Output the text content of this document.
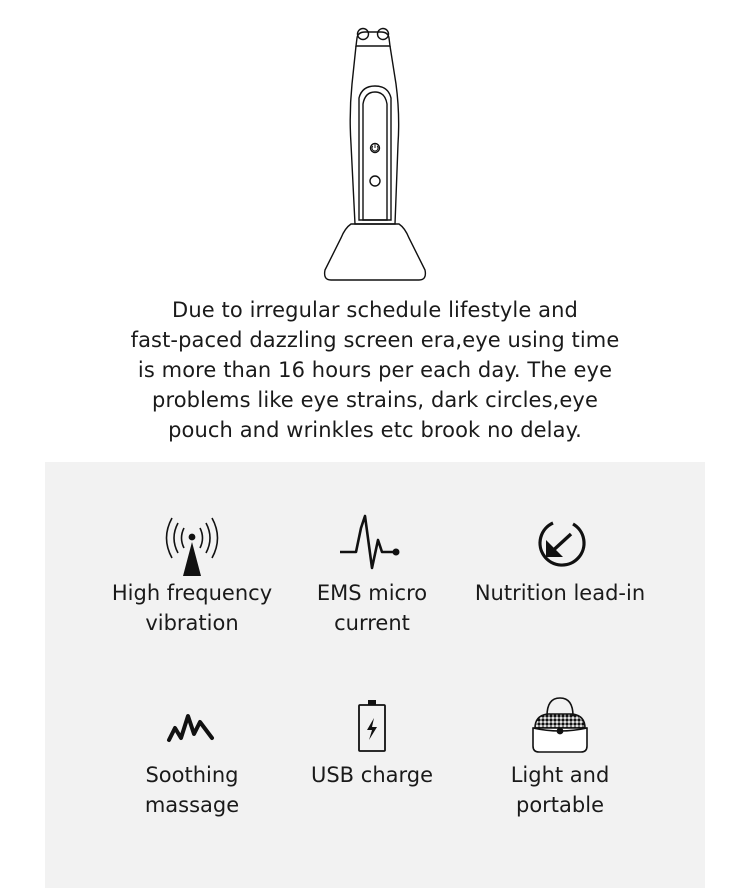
Due to irregular schedule lifestyle and
fast-paced dazzling screen era,eye using time
is more than 16 hours per each day. The eye
problems like eye strains, dark circles,eye
pouch and wrinkles etc brook no delay.
High frequency
vibration
EMS micro
current
Nutrition lead-in
Soothing
massage
USB charge	Light and
portable
